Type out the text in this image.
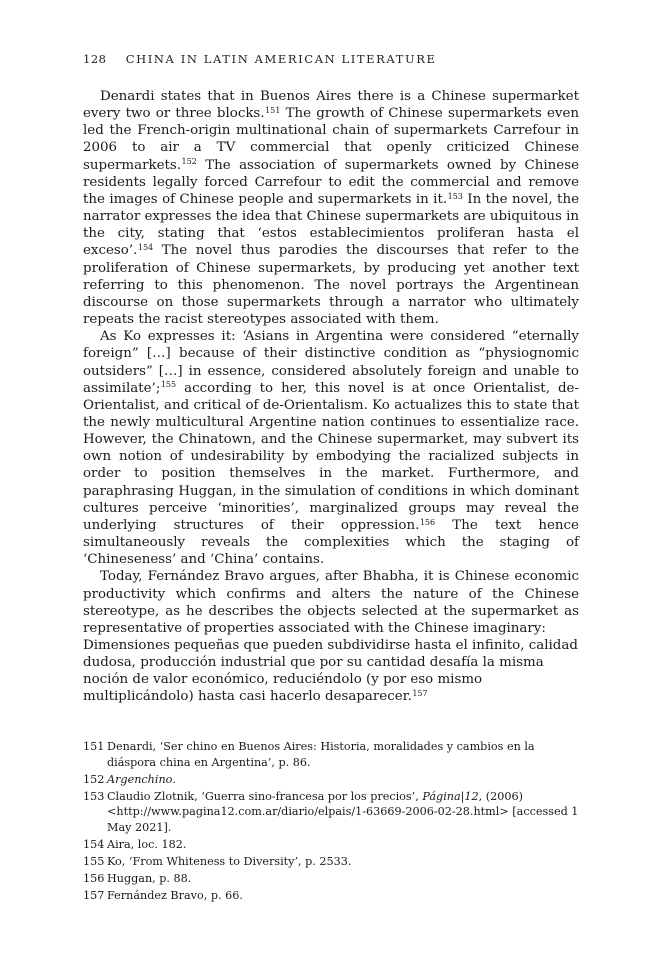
128 CHINA IN LATIN AMERICAN LITERATURE

Denardi states that in Buenos Aires there is a Chinese supermarket every two or three blocks.$^{151}$ The growth of Chinese supermarkets even led the French-origin multinational chain of supermarkets Carrefour in 2006 to air a TV commercial that openly criticized Chinese supermarkets.$^{152}$ The association of supermarkets owned by Chinese residents legally forced Carrefour to edit the commercial and remove the images of Chinese people and supermarkets in it.$^{153}$ In the novel, the narrator expresses the idea that Chinese supermarkets are ubiquitous in the city, stating that ‘estos establecimientos proliferan hasta el exceso’.$^{154}$ The novel thus parodies the discourses that refer to the proliferation of Chinese supermarkets, by producing yet another text referring to this phenomenon. The novel portrays the Argentinean discourse on those supermarkets through a narrator who ultimately repeats the racist stereotypes associated with them.

As Ko expresses it: ‘Asians in Argentina were considered “eternally foreign” […] because of their distinctive condition as “physiognomic outsiders” […] in essence, considered absolutely foreign and unable to assimilate’;$^{155}$ according to her, this novel is at once Orientalist, de-Orientalist, and critical of de-Orientalism. Ko actualizes this to state that the newly multicultural Argentine nation continues to essentialize race. However, the Chinatown, and the Chinese supermarket, may subvert its own notion of undesirability by embodying the racialized subjects in order to position themselves in the market. Furthermore, and paraphrasing Huggan, in the simulation of conditions in which dominant cultures perceive ‘minorities’, marginalized groups may reveal the underlying structures of their oppression.$^{156}$ The text hence simultaneously reveals the complexities which the staging of ‘Chineseness’ and ‘China’ contains.

Today, Fernández Bravo argues, after Bhabha, it is Chinese economic productivity which confirms and alters the nature of the Chinese stereotype, as he describes the objects selected at the supermarket as representative of properties associated with the Chinese imaginary:

Dimensiones pequeñas que pueden subdividirse hasta el infinito, calidad dudosa, producción industrial que por su cantidad desafía la misma noción de valor económico, reduciéndolo (y por eso mismo multiplicándolo) hasta casi hacerlo desaparecer.$^{157}$

151 Denardi, ‘Ser chino en Buenos Aires: Historia, moralidades y cambios en la diáspora china en Argentina’, p. 86.
152 Argenchino.
153 Claudio Zlotnik, ‘Guerra sino-francesa por los precios’, Página|12, (2006) <http://www.pagina12.com.ar/diario/elpais/1-63669-2006-02-28.html> [accessed 1 May 2021].
154 Aira, loc. 182.
155 Ko, ‘From Whiteness to Diversity’, p. 2533.
156 Huggan, p. 88.
157 Fernández Bravo, p. 66.
